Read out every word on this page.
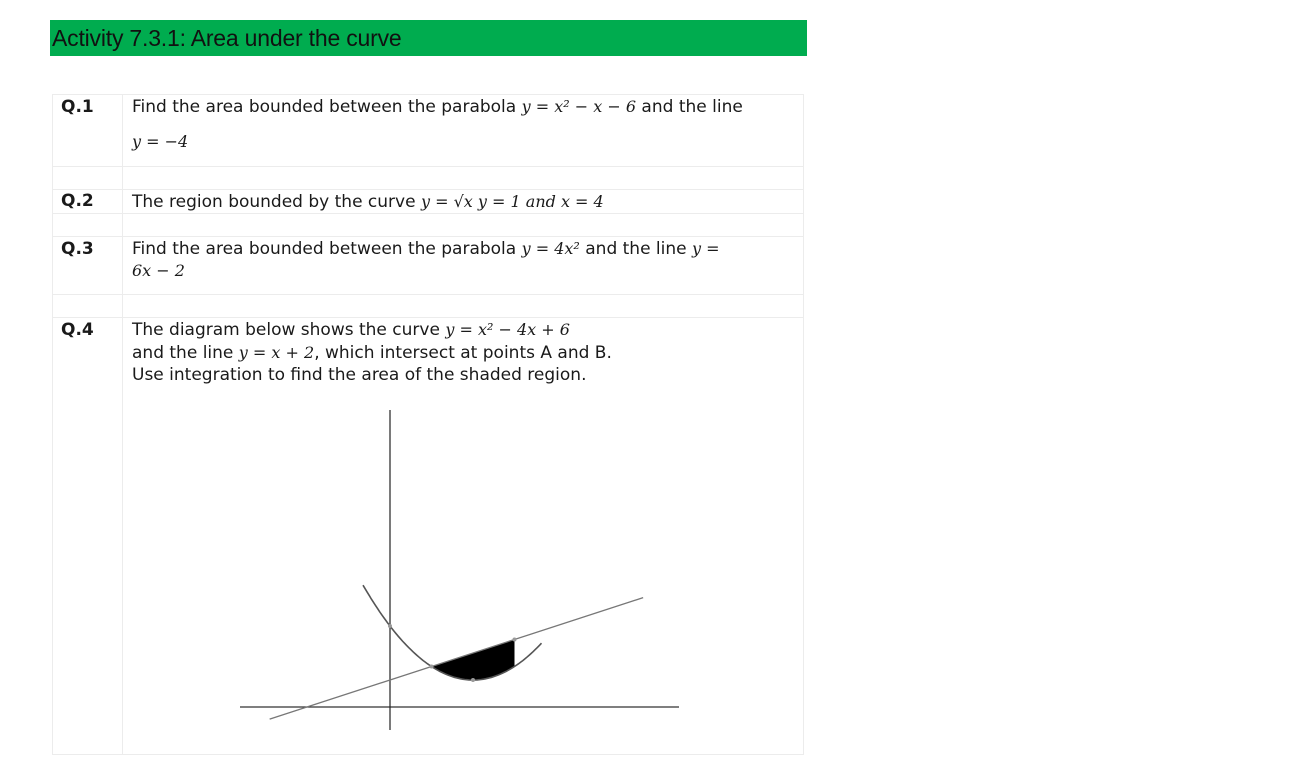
Activity 7.3.1: Area under the curve
Q.1 Find the area bounded between the parabola y = x² − x − 6 and the line
y = −4
Q.2 The region bounded by the curve y = √x y = 1 and x = 4
Q.3 Find the area bounded between the parabola y = 4x² and the line y =
6x − 2
Q.4 The diagram below shows the curve y = x² − 4x + 6
and the line y = x + 2, which intersect at points A and B.
Use integration to find the area of the shaded region.
